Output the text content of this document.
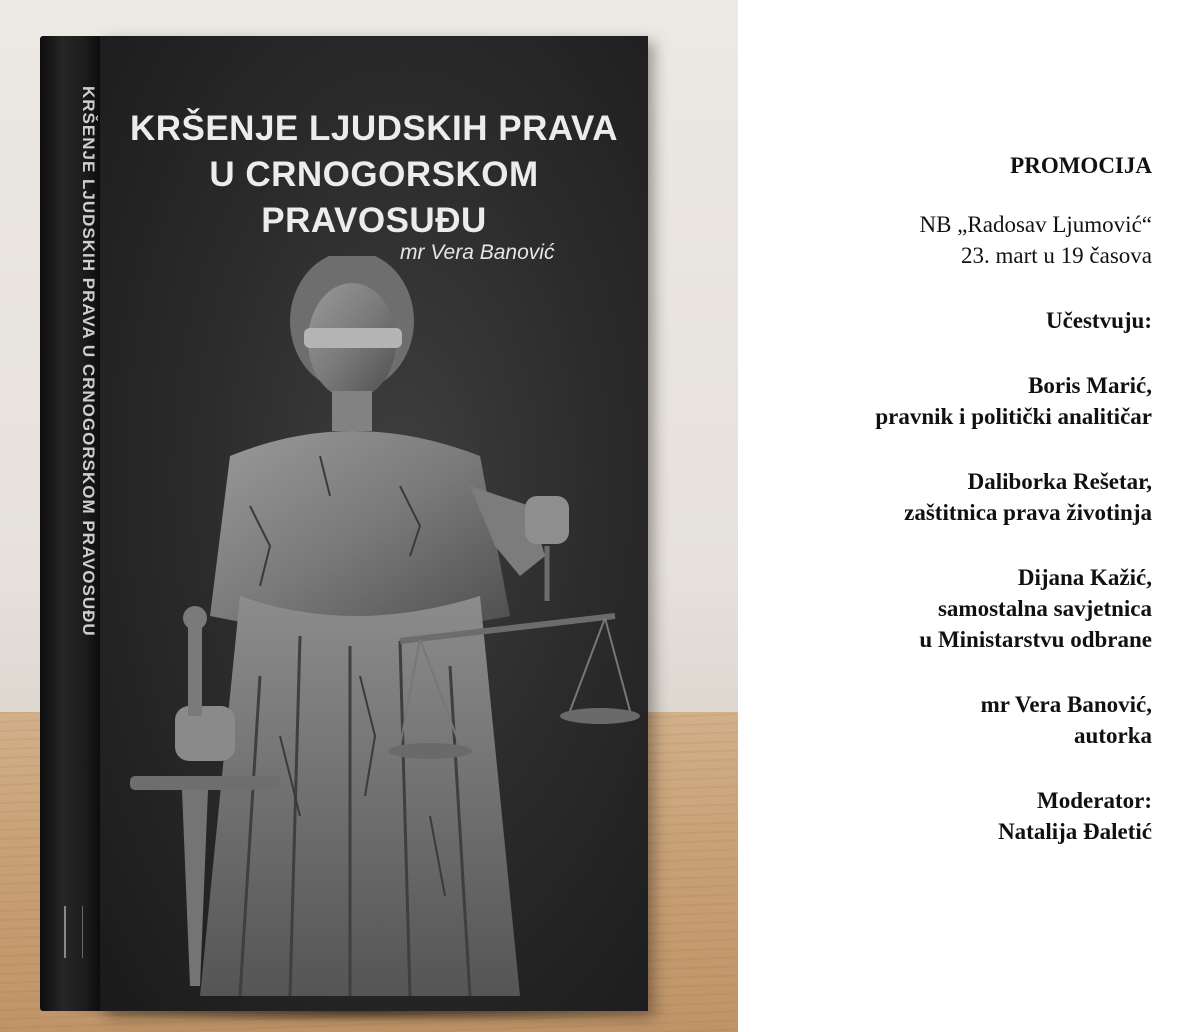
KRŠENJE LJUDSKIH PRAVA U CRNOGORSKOM PRAVOSUĐU KRŠENJE LJUDSKIH PRAVA
U CRNOGORSKOM PRAVOSUĐU
mr Vera Banović
PROMOCIJA
NB „Radosav Ljumović“
23. mart u 19 časova
Učestvuju:
Boris Marić,
pravnik i politički analitičar
Daliborka Rešetar,
zaštitnica prava životinja
Dijana Kažić,
samostalna savjetnica
u Ministarstvu odbrane
mr Vera Banović,
autorka
Moderator:
Natalija Đaletić
